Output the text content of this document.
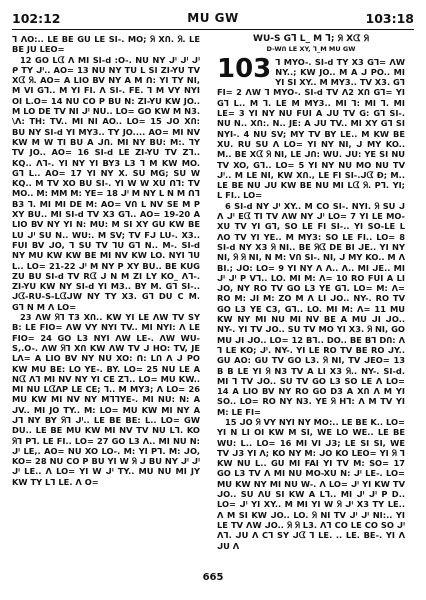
102:12	MU GW	103:18

ᒣ ᐱO:.. LE BE GU LE SI-. MO; ᖆ XՈ. ᖆ. LE BE JU LEO=

12 GO ᒪᗧ ᐱ MI SI-d :O-. NU NY ᒍᑊ ᒍᑊ ᒍᑊ ᑭ TY ᒍᑊ.. AO= 13 NU NY TU L SI ZI-YU TV Xᗧ ᖆ. AO= A LIO BV NY A M ᑎ: YI TY NI, M VI Gᒣ.. M YI FI. ᐱ SI-. FE. ᒣ M VY NYI OI L.O= 14 NU CO P BU N: ZI-YU KW JO.. M LO DE TV NI ᒍᑊ NU.. LO= GO KW M N3. \ᐱ: TH: TV.. MI NI AO.. LO= 15 ᒍO XՈ: BU NY SI-d YI MY3.. TY JO.... AO= MI NV KW M W TI BU A ᒍՈ. MI NY BU: M:. ᒣY TV JO.. AO= 16 SI-d LE ZI-YU TV Zᒣ.. KQ.. ᐱᒣ-. YI NY YI BY3 L3 ᒣ M KW MO. Gᒣ L.. AO= 17 YI NY X. SU MG; SU W KQ.. M TV XO BU SI-. YI W W XU ᑎᒣ: TV MO.. M: MM M: YE= 18 ᒍᑊ M NY L N M ᑎᒣ B3 ᒣ. MI MI DE M: AO= VՈ L NV SE M P XY BU.. MI SI-d TV X3 Gᒣ.. AO= 19-20 A LIO BV NY YI N: MU: M SI XY GU KW BE LU ᒍᑊ SU N.. WU:. M SV; TV Fᒍ LU-. X3.. FUI BV ᒍO, ᒣ SU TV ᒣU Gᒣ N.. M-. SI-d NY MU KW KW BE MI NV KW LO. NYI ᒣU L.. LO= 21-22 ᒍᑊ M NY P XY BU.. BE KUG ZU BU SI-d TV Rᗧ ᒍ N M ZI ᒪY KO_ ᐱᒣ-. ZI-YU KW NY SI-d YI M3.. BY M. Gᒣ SI-.. ᒍᗧ-RU-S-LᗧᒍW NY TY X3. Gᒣ DU C M. Gᒣ N M ᐱ LO=

23 ᐱW ᖆᒣ T3 XՈ.. KW YI LE ᐱW TV SY B: LE FIO= ᐱW VY NYI TV.. MI NYI: ᐱ LE FIO= 24 GO L3 NYI ᐱW LE-. ᐱW WU-S,.O-. ᐱW ᖆᒣ XՈ KW ᐱW TV ᒍ HO: TV, JE Lᐱ= A LIO BV NY NU XO: ᑎ: LՈ ᐱ ᒍ PO KW MU BE: LO YE-. BY. LO= 25 NU LE A Nᗧ ᐱᒣ MI NV NY YI CE Zᒣ.. LO= MU KW.. MI NU LᗧᐱP LE CE; ᒣ.. M MY3; ᐱ LO= 26 MU KW MI NV NY MᒣᒣYE-. MI NU: N: A ᒍV.. MI JO TY.. M: LO= MU KW MI NY A ᒍᒣ NY BY ᖆᒣ ᒍᑊ.. LE BE BE: L.. LO= GW DU.. LE BE MU KW MI NV TV NU Lᒣ. KO ᖆᒣ Pᒣ. LE FI.. LO= 27 GO L3 ᐱ.. MI NU N: ᒍᑊ LE,. AO= NU XO LO-. M: YI Pᒣ. M: ᒍO, KO= 28 NU CO P BU YI W ᖆ ᒍ BU NY ᒍᑊ ᒍᑊ ᒍᑊ LE.. ᐱ LO= YI W ᒍᑊ TY.. MU NU MI JY KW TY Lᒣ LE. ᐱ O=

WU-S Gᒣ L_ M ᒣ; ᖆ Xᗧ ᖆ
D-WՈ LE XY, ᒣ_M MU GW

103 ᒣ MYO-. SI-d TY X3 Gᒣ= ᐱW NY..; KW JO.. M A ᒍ PO.. MI YI SI XY.. M MY3.. TV X3. Gᒣ FI= 2 ᐱW ᒣ MYO-. SI-d TV ᐱ2 XՈ Gᒣ= YI Gᒣ L.. M ᒣ. LE M MY3.. MI ᒣ: MI ᒣ. MI LE= 3 YI NY NU FUI A ᒍU TV G: Gᒣ SI-. NU N.. XՈ:. N.. JE: A ᒍU TV.. MI XY Gᒣ SI NYI-. 4 NU SV; MY TV BY LE.. M KW BE XU. RU SU ᐱ LO= YI NY NI, ᒍ MY KO.. M.. BE Xᗧ ᖆ NI, LE ᒍՈ: WU. ᒍU: YE SI NU TV XO, Gᒣ.. LO= 5 YI NY NU MO NU TV ᒍᑊ.. M LE NI, KW XՈ., LE FI SI-.ᒍᗧ Đ; M.. LE BE NU ᒍU KW BE NU MI Lᗧ ᖆ. Pᒣ. YI; L FI.. LO=

6 SI-d NY ᒍᑊ XY.. M CO SI-. NYI. ᖆ SU ᒍ ᐱ ᒍᑊ Eᗧ TI TV ᐱW NY ᒍᑊ LO= 7 YI LE MO-XU TV YI Gᒣ, SO LE FI SI-.. YI SO-LE L ᐱO TV YI YE.. M MY3: SO LE FI.. LO= 8 SI-d NY X3 ᖆ NI.. BE ᖆᗧ DE BI ᒍE.. YI NY NI, ᖆ ᖆ NI, N M: VՈ SI-. NI, ᒍ MY KO.. M ᐱ BI.; ᒍO: LO= 9 YI NY ᐱ ᐱ.. ᐱ.. MI ᒍE.. MI ᒍᑊ ᒍᑊ P Vᒣ.. LO. MI M: ᐱ= 10 RO FUI A LI ᒍO, NY RO TV GO L3 YE Gᒣ. LO= M: ᐱ= RO M: ᒍI M: ZO M ᐱ LI ᒍO.. NY-. RO TV GO L3 YE C3, Gᒣ.. LO. MI M: ᐱ= 11 MU KW NY MI NU MI NV BE A MU ᒍI ᒍO.. NY-. YI TV ᒍO.. SU TV MO YI X3. ᖆ NI, GO MU ᒍI ᒍO.. LO= 12 Bᒣ.. DO.. BE Bᒣ DՈ: ᐱ ᒣ LE KO; ᒍᑊ. NY-. YI LE RO TV BE RO ᒍY.. GU AO: GU TV GO L3. ᖆ NI, TV ᒍEO= 13 B B LE YI ᖆ N3 TV A LI X3 ᖆ.. NY-. SI-d. MI ᒣ TV ᒍO.. SU TV GO L3 SO LE ᐱ LO= 14 A LIO BV NY RO GO D3 A XՈ ᐱ M YI SO.. LO= RO NY N3. YE ᖆ Hᒣ: ᐱ M TV YI M: LE FI=

15 ᒍO ᖆ VY NYI NY MO:.. LE BE K.. LO= YI N LI OI KW M SI, WE LO WE.. LE BE WU: L.. LO= 16 MI VI ᒍ3; LE SI SI, WE TV ᒍ3 YI ᐱ; KO NY M: ᒍO KO LEO= YI ᖆ ᒣ KW NU L.. GU MI FAI YI TV M: SO= 17 GO L3 TV ᐱ MI NU MO-XU N: ᒍᑊ LE-. LO= MU KW NY MI NU W-. ᐱ LO= ᒍᑊ YI KW TV ᒍO.. SU ᐱU SI KW A Lᒣ.. MI ᒍᑊ ᒍᑊ P D.. LO= ᒍᑊ YI XY.. M MI YI W ᖆ ᒍᑊ X3 TY LE.. ᐱ M SI KW ᒍO.. LO. ᖆ NI TV ᒍᑊ ᒍᑊ NI:.. YI LE TV ᐱW ᒍO.. ᖆ ᖆ L3. ᐱᒣ CO LE CO SO ᒍᑊ ᐱᒣ. ᒍU ᐱ Cᒣ SY ᒍᗧ ᒣ LE. .. LE. BE-. YI ᐱ ᒍU ᐱ

665
